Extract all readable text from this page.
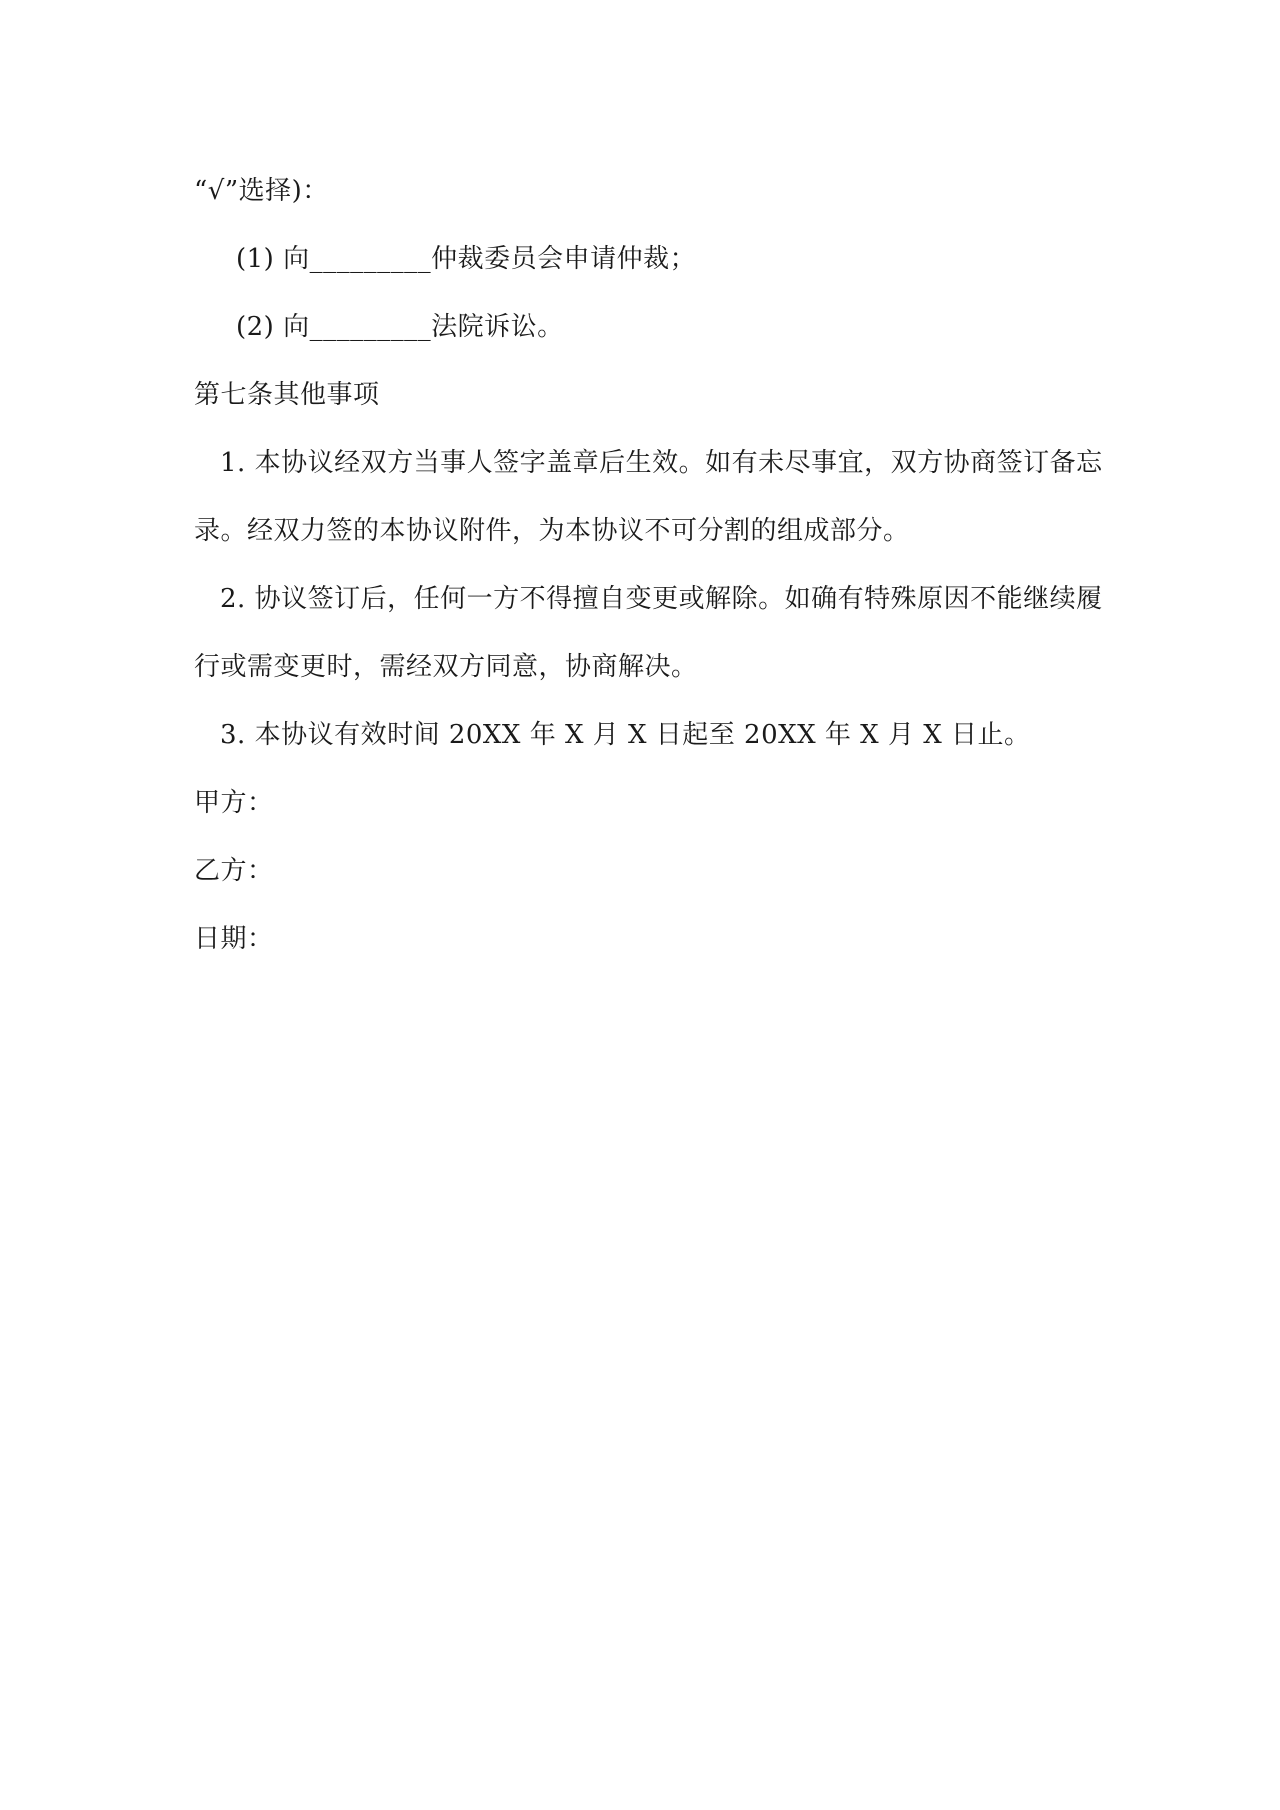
“√”选择)：
(1) 向_________仲裁委员会申请仲裁；
(2) 向_________法院诉讼。
第七条其他事项
1. 本协议经双方当事人签字盖章后生效。如有未尽事宜，双方协商签订备忘
录。经双力签的本协议附件，为本协议不可分割的组成部分。
2. 协议签订后，任何一方不得擅自变更或解除。如确有特殊原因不能继续履
行或需变更时，需经双方同意，协商解决。
3. 本协议有效时间 20XX 年 X 月 X 日起至 20XX 年 X 月 X 日止。
甲方：
乙方：
日期：
